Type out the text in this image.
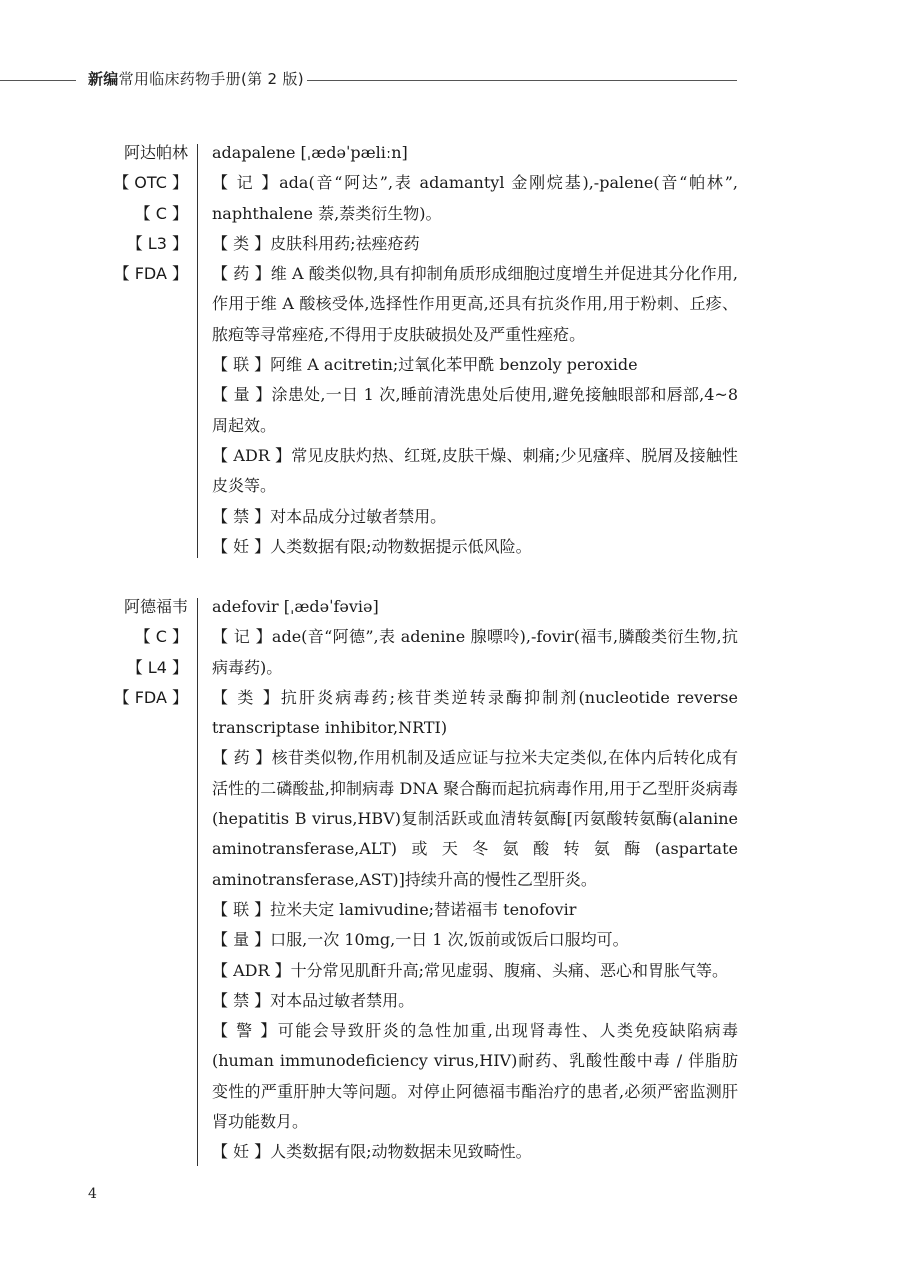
新编常用临床药物手册(第 2 版)
阿达帕林
【 OTC 】
【 C 】
【 L3 】
【 FDA 】

adapalene [ˌædəˈpæliːn]

【 记 】ada(音“阿达”,表 adamantyl 金刚烷基),-palene(音“帕林”, naphthalene 萘,萘类衍生物)。

【 类 】皮肤科用药;祛痤疮药

【 药 】维 A 酸类似物,具有抑制角质形成细胞过度增生并促进其分化作用,作用于维 A 酸核受体,选择性作用更高,还具有抗炎作用,用于粉刺、丘疹、脓疱等寻常痤疮,不得用于皮肤破损处及严重性痤疮。

【 联 】阿维 A acitretin;过氧化苯甲酰 benzoly peroxide

【 量 】涂患处,一日 1 次,睡前清洗患处后使用,避免接触眼部和唇部,4~8 周起效。

【 ADR 】常见皮肤灼热、红斑,皮肤干燥、刺痛;少见瘙痒、脱屑及接触性皮炎等。

【 禁 】对本品成分过敏者禁用。

【 妊 】人类数据有限;动物数据提示低风险。

阿德福韦
【 C 】
【 L4 】
【 FDA 】

adefovir [ˌædəˈfəviə]

【 记 】ade(音“阿德”,表 adenine 腺嘌呤),-fovir(福韦,膦酸类衍生物,抗病毒药)。

【 类 】抗肝炎病毒药;核苷类逆转录酶抑制剂(nucleotide reverse transcriptase inhibitor,NRTI)

【 药 】核苷类似物,作用机制及适应证与拉米夫定类似,在体内后转化成有活性的二磷酸盐,抑制病毒 DNA 聚合酶而起抗病毒作用,用于乙型肝炎病毒(hepatitis B virus,HBV)复制活跃或血清转氨酶[丙氨酸转氨酶(alanine aminotransferase,ALT)或天冬氨酸转氨酶(aspartate aminotransferase,AST)]持续升高的慢性乙型肝炎。

【 联 】拉米夫定 lamivudine;替诺福韦 tenofovir

【 量 】口服,一次 10mg,一日 1 次,饭前或饭后口服均可。

【 ADR 】十分常见肌酐升高;常见虚弱、腹痛、头痛、恶心和胃胀气等。

【 禁 】对本品过敏者禁用。

【 警 】可能会导致肝炎的急性加重,出现肾毒性、人类免疫缺陷病毒(human immunodeficiency virus,HIV)耐药、乳酸性酸中毒 / 伴脂肪变性的严重肝肿大等问题。对停止阿德福韦酯治疗的患者,必须严密监测肝肾功能数月。

【 妊 】人类数据有限;动物数据未见致畸性。

4
